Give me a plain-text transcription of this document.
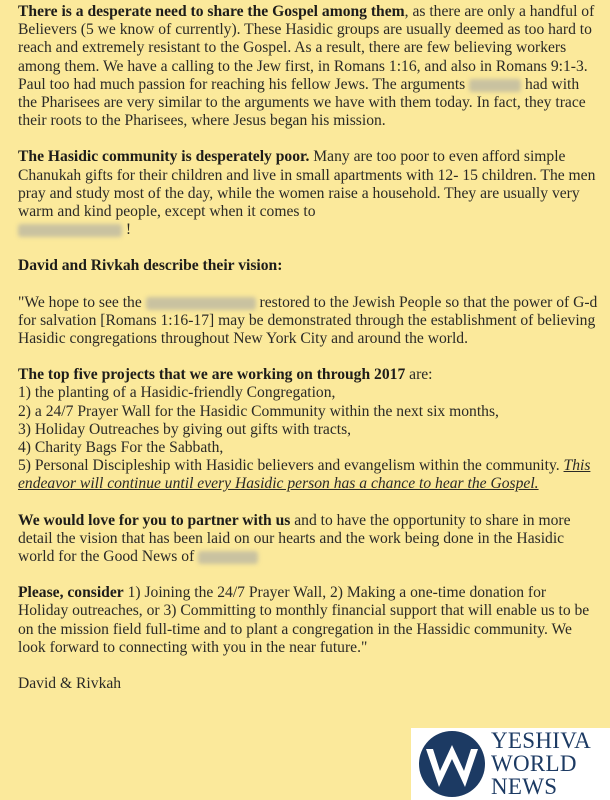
There is a desperate need to share the Gospel among them, as there are only a handful of Believers (5 we know of currently). These Hasidic groups are usually deemed as too hard to reach and extremely resistant to the Gospel. As a result, there are few believing workers among them. We have a calling to the Jew first, in Romans 1:16, and also in Romans 9:1-3. Paul too had much passion for reaching his fellow Jews. The arguments	had with the Pharisees are very similar to the arguments we have with them today. In fact, they trace their roots to the Pharisees, where Jesus began his mission.

The Hasidic community is desperately poor. Many are too poor to even afford simple Chanukah gifts for their children and live in small apartments with 12- 15 children. The men pray and study most of the day, while the women raise a household. They are usually very warm and kind people, except when it comes to
!

David and Rivkah describe their vision:

"We hope to see the	restored to the Jewish People so that the power of G-d for salvation [Romans 1:16-17] may be demonstrated through the establishment of believing Hasidic congregations throughout New York City and around the world.

The top five projects that we are working on through 2017 are:
1) the planting of a Hasidic-friendly Congregation,
2) a 24/7 Prayer Wall for the Hasidic Community within the next six months,
3) Holiday Outreaches by giving out gifts with tracts,
4) Charity Bags For the Sabbath,
5) Personal Discipleship with Hasidic believers and evangelism within the community. This endeavor will continue until every Hasidic person has a chance to hear the Gospel.

We would love for you to partner with us and to have the opportunity to share in more detail the vision that has been laid on our hearts and the work being done in the Hasidic world for the Good News of

Please, consider 1) Joining the 24/7 Prayer Wall, 2) Making a one-time donation for Holiday outreaches, or 3) Committing to monthly financial support that will enable us to be on the mission field full-time and to plant a congregation in the Hassidic community. We look forward to connecting with you in the near future."

David & Rivkah

YESHIVA
WORLD
NEWS
